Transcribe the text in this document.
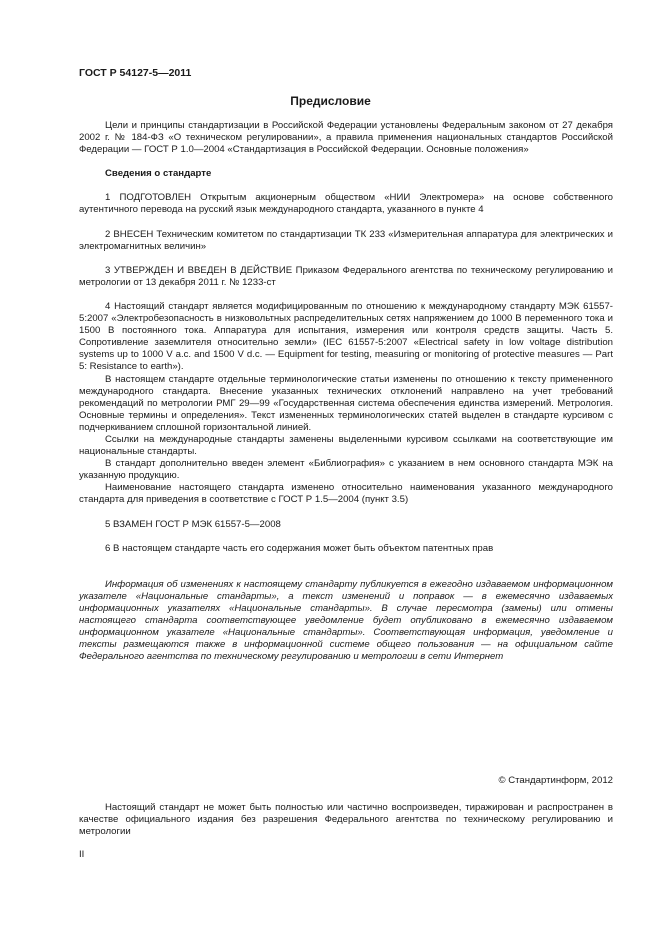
ГОСТ Р 54127-5—2011
Предисловие

Цели и принципы стандартизации в Российской Федерации установлены Федеральным законом от 27 декабря 2002 г. № 184-ФЗ «О техническом регулировании», а правила применения национальных стандартов Российской Федерации — ГОСТ Р 1.0—2004 «Стандартизация в Российской Федерации. Основные положения»

Сведения о стандарте

1 ПОДГОТОВЛЕН Открытым акционерным обществом «НИИ Электромера» на основе собственного аутентичного перевода на русский язык международного стандарта, указанного в пункте 4

2 ВНЕСЕН Техническим комитетом по стандартизации ТК 233 «Измерительная аппаратура для электрических и электромагнитных величин»

3 УТВЕРЖДЕН И ВВЕДЕН В ДЕЙСТВИЕ Приказом Федерального агентства по техническому регулированию и метрологии от 13 декабря 2011 г. № 1233-ст

4 Настоящий стандарт является модифицированным по отношению к международному стандарту МЭК 61557-5:2007 «Электробезопасность в низковольтных распределительных сетях напряжением до 1000 В переменного тока и 1500 В постоянного тока. Аппаратура для испытания, измерения или контроля средств защиты. Часть 5. Сопротивление заземлителя относительно земли» (IEC 61557-5:2007 «Electrical safety in low voltage distribution systems up to 1000 V a.c. and 1500 V d.c. — Equipment for testing, measuring or monitoring of protective measures — Part 5: Resistance to earth»).

В настоящем стандарте отдельные терминологические статьи изменены по отношению к тексту примененного международного стандарта. Внесение указанных технических отклонений направлено на учет требований рекомендаций по метрологии РМГ 29—99 «Государственная система обеспечения единства измерений. Метрология. Основные термины и определения». Текст измененных терминологических статей выделен в стандарте курсивом с подчеркиванием сплошной горизонтальной линией.

Ссылки на международные стандарты заменены выделенными курсивом ссылками на соответствующие им национальные стандарты.

В стандарт дополнительно введен элемент «Библиография» с указанием в нем основного стандарта МЭК на указанную продукцию.

Наименование настоящего стандарта изменено относительно наименования указанного международного стандарта для приведения в соответствие с ГОСТ Р 1.5—2004 (пункт 3.5)

5 ВЗАМЕН ГОСТ Р МЭК 61557-5—2008

6 В настоящем стандарте часть его содержания может быть объектом патентных прав

Информация об изменениях к настоящему стандарту публикуется в ежегодно издаваемом информационном указателе «Национальные стандарты», а текст изменений и поправок — в ежемесячно издаваемых информационных указателях «Национальные стандарты». В случае пересмотра (замены) или отмены настоящего стандарта соответствующее уведомление будет опубликовано в ежемесячно издаваемом информационном указателе «Национальные стандарты». Соответствующая информация, уведомление и тексты размещаются также в информационной системе общего пользования — на официальном сайте Федерального агентства по техническому регулированию и метрологии в сети Интернет

© Стандартинформ, 2012

Настоящий стандарт не может быть полностью или частично воспроизведен, тиражирован и распространен в качестве официального издания без разрешения Федерального агентства по техническому регулированию и метрологии

II
